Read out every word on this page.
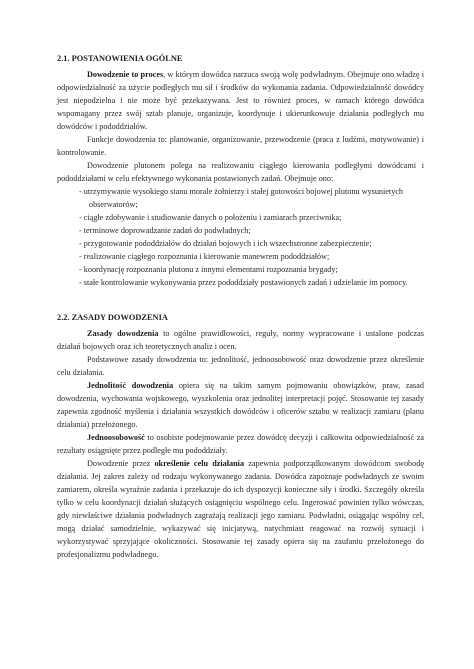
2.1. POSTANOWIENIA OGÓLNE

Dowodzenie to proces, w którym dowódca narzuca swoją wolę podwładnym. Obejmuje ono władzę i odpowiedzialność za użycie podległych mu sił i środków do wykonania zadania. Odpowiedzialność dowódcy jest niepodzielna i nie może być przekazywana. Jest to również proces, w ramach którego dowódca wspomagany przez swój sztab planuje, organizuje, koordynuje i ukierunkowuje działania podległych mu dowódców i pododdziałów.

Funkcje dowodzenia to: planowanie, organizowanie, przewodzenie (praca z ludźmi, motywowanie) i kontrolowanie.

Dowodzenie plutonem polega na realizowaniu ciągłego kierowania podległymi dowódcami i pododdziałami w celu efektywnego wykonania postawionych zadań. Obejmuje ono:

- utrzymywanie wysokiego stanu morale żołnierzy i stałej gotowości bojowej plutonu wysunietych
obserwatorów;
- ciągłe zdobywanie i studiowanie danych o położeniu i zamiarach przeciwnika;
- terminowe doprowadzanie zadań do podwładnych;
- przygotowanie pododdziałów do działań bojowych i ich wszechstronne zabezpieczenie;
- realizowanie ciągłego rozpoznania i kierowanie manewrem pododdziałów;
- koordynację rozpoznania plutonu z innymi elementami rozpoznania brygady;
- stałe kontrolowanie wykonywania przez pododdziały postawionych zadań i udzielanie im pomocy.
2.2. ZASADY DOWODZENIA

Zasady dowodzenia to ogólne prawidłowości, reguły, normy wypracowane i ustalone podczas działań bojowych oraz ich teoretycznych analiz i ocen.

Podstawowe zasady dowodzenia to: jednolitość, jednoosobowość oraz dowodzenie przez określenie celu działania.

Jednolitość dowodzenia opiera się na takim samym pojmowaniu obowiązków, praw, zasad dowodzenia, wychowania wojskowego, wyszkolenia oraz jednolitej interpretacji pojęć. Stosowanie tej zasady zapewnia zgodność myślenia i działania wszystkich dowódców i oficerów sztabu w realizacji zamiaru (planu działania) przełożonego.

Jednoosobowość to osobiste podejmowanie przez dowódcę decyzji i całkowita odpowiedzialność za rezultaty osiągnięte przez podległe mu pododdziały.

Dowodzenie przez określenie celu działania zapewnia podporządkowanym dowódcom swobodę działania. Jej zakres zależy od rodzaju wykonywanego zadania. Dowódca zapoznaje podwładnych ze swoim zamiarem, określa wyraźnie zadania i przekazuje do ich dyspozycji konieczne siły i środki. Szczegóły określa tylko w celu koordynacji działań służących osiągnięciu wspólnego celu. Ingerować powinien tylko wówczas, gdy niewłaściwe działania podwładnych zagrażają realizacji jego zamiaru. Podwładni, osiągając wspólny cel, mogą działać samodzielnie, wykazywać się inicjatywą, natychmiast reagować na rozwój sytuacji i wykorzystywać sprzyjające okoliczności. Stosowanie tej zasady opiera się na zaufaniu przełożonego do profesjonalizmu podwładnego.
